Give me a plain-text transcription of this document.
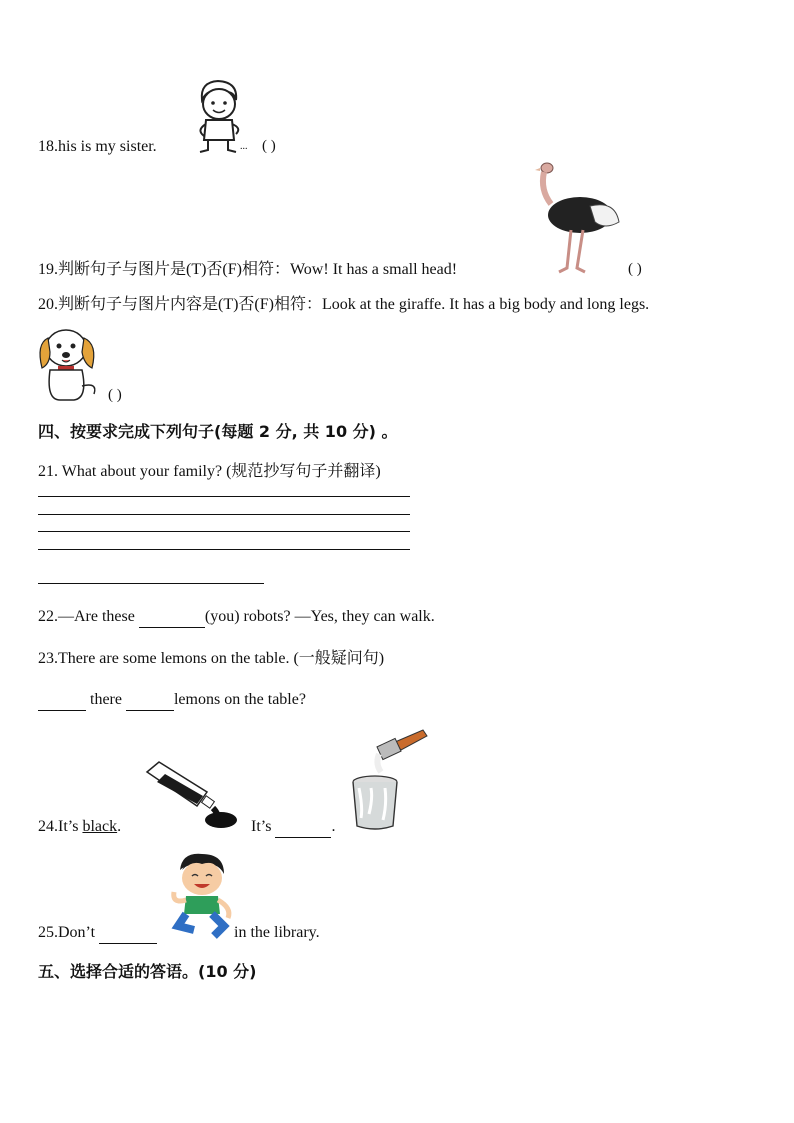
18.his is my sister.	... ( )
19.判断句子与图片是(T)否(F)相符：Wow! It has a small head!	( )
20.判断句子与图片内容是(T)否(F)相符：Look at the giraffe. It has a big body and long legs.
( )
四、按要求完成下列句子(每题 2 分, 共 10 分) 。
21. What about your family? (规范抄写句子并翻译)
22.—Are these	(you) robots? —Yes, they can walk.
23.There are some lemons on the table. (一般疑问句)
there	lemons on the table?
24.It’s black.	It’s	.
25.Don’t	in the library.
五、选择合适的答语。(10 分)
